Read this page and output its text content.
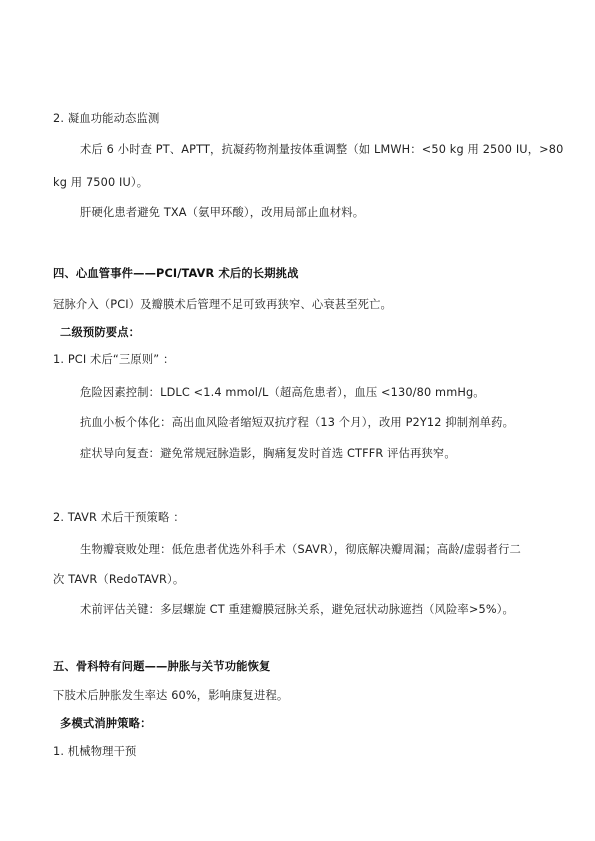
2. 凝血功能动态监测
术后 6 小时查 PT、APTT，抗凝药物剂量按体重调整（如 LMWH：<50 kg 用 2500 IU，>80
kg 用 7500 IU）。
肝硬化患者避免 TXA（氨甲环酸），改用局部止血材料。
四、心血管事件——PCI/TAVR 术后的长期挑战
冠脉介入（PCI）及瓣膜术后管理不足可致再狭窄、心衰甚至死亡。
二级预防要点：
1. PCI 术后“三原则” ：
危险因素控制：LDLC <1.4 mmol/L（超高危患者），血压 <130/80 mmHg。
抗血小板个体化：高出血风险者缩短双抗疗程（13 个月），改用 P2Y12 抑制剂单药。
症状导向复查：避免常规冠脉造影，胸痛复发时首选 CTFFR 评估再狭窄。
2. TAVR 术后干预策略 ：
生物瓣衰败处理：低危患者优选外科手术（SAVR），彻底解决瓣周漏；高龄/虚弱者行二
次 TAVR（RedoTAVR）。
术前评估关键：多层螺旋 CT 重建瓣膜冠脉关系，避免冠状动脉遮挡（风险率>5%）。
五、骨科特有问题——肿胀与关节功能恢复
下肢术后肿胀发生率达 60%，影响康复进程。
多模式消肿策略：
1. 机械物理干预
